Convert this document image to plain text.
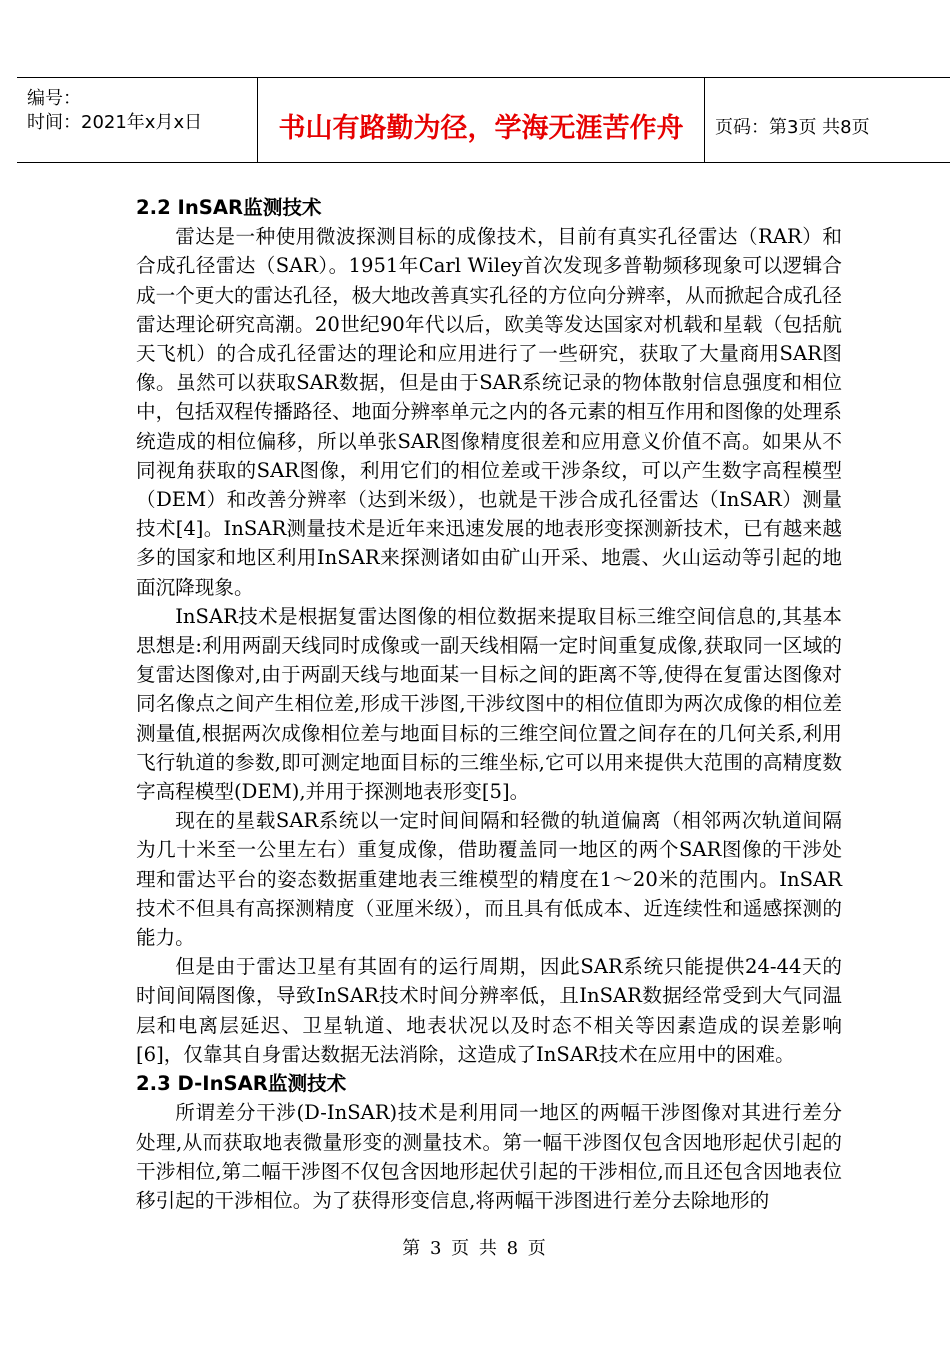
编号：
时间：2021年x月x日	书山有路勤为径，学海无涯苦作舟	页码：第3页 共8页
2.2 InSAR监测技术

雷达是一种使用微波探测目标的成像技术，目前有真实孔径雷达（RAR）和合成孔径雷达（SAR）。1951年Carl Wiley首次发现多普勒频移现象可以逻辑合成一个更大的雷达孔径，极大地改善真实孔径的方位向分辨率，从而掀起合成孔径雷达理论研究高潮。20世纪90年代以后，欧美等发达国家对机载和星载（包括航天飞机）的合成孔径雷达的理论和应用进行了一些研究，获取了大量商用SAR图像。虽然可以获取SAR数据，但是由于SAR系统记录的物体散射信息强度和相位中，包括双程传播路径、地面分辨率单元之内的各元素的相互作用和图像的处理系统造成的相位偏移，所以单张SAR图像精度很差和应用意义价值不高。如果从不同视角获取的SAR图像，利用它们的相位差或干涉条纹，可以产生数字高程模型（DEM）和改善分辨率（达到米级），也就是干涉合成孔径雷达（InSAR）测量技术[4]。InSAR测量技术是近年来迅速发展的地表形变探测新技术，已有越来越多的国家和地区利用InSAR来探测诸如由矿山开采、地震、火山运动等引起的地面沉降现象。

InSAR技术是根据复雷达图像的相位数据来提取目标三维空间信息的,其基本思想是:利用两副天线同时成像或一副天线相隔一定时间重复成像,获取同一区域的复雷达图像对,由于两副天线与地面某一目标之间的距离不等,使得在复雷达图像对同名像点之间产生相位差,形成干涉图,干涉纹图中的相位值即为两次成像的相位差测量值,根据两次成像相位差与地面目标的三维空间位置之间存在的几何关系,利用飞行轨道的参数,即可测定地面目标的三维坐标,它可以用来提供大范围的高精度数字高程模型(DEM),并用于探测地表形变[5]。

现在的星载SAR系统以一定时间间隔和轻微的轨道偏离（相邻两次轨道间隔为几十米至一公里左右）重复成像，借助覆盖同一地区的两个SAR图像的干涉处理和雷达平台的姿态数据重建地表三维模型的精度在1～20米的范围内。InSAR技术不但具有高探测精度（亚厘米级），而且具有低成本、近连续性和遥感探测的能力。

但是由于雷达卫星有其固有的运行周期，因此SAR系统只能提供24-44天的时间间隔图像，导致InSAR技术时间分辨率低，且InSAR数据经常受到大气同温层和电离层延迟、卫星轨道、地表状况以及时态不相关等因素造成的误差影响[6]，仅靠其自身雷达数据无法消除，这造成了InSAR技术在应用中的困难。

2.3 D-InSAR监测技术

所谓差分干涉(D-InSAR)技术是利用同一地区的两幅干涉图像对其进行差分处理,从而获取地表微量形变的测量技术。第一幅干涉图仅包含因地形起伏引起的干涉相位,第二幅干涉图不仅包含因地形起伏引起的干涉相位,而且还包含因地表位移引起的干涉相位。为了获得形变信息,将两幅干涉图进行差分去除地形的

第 3 页 共 8 页
